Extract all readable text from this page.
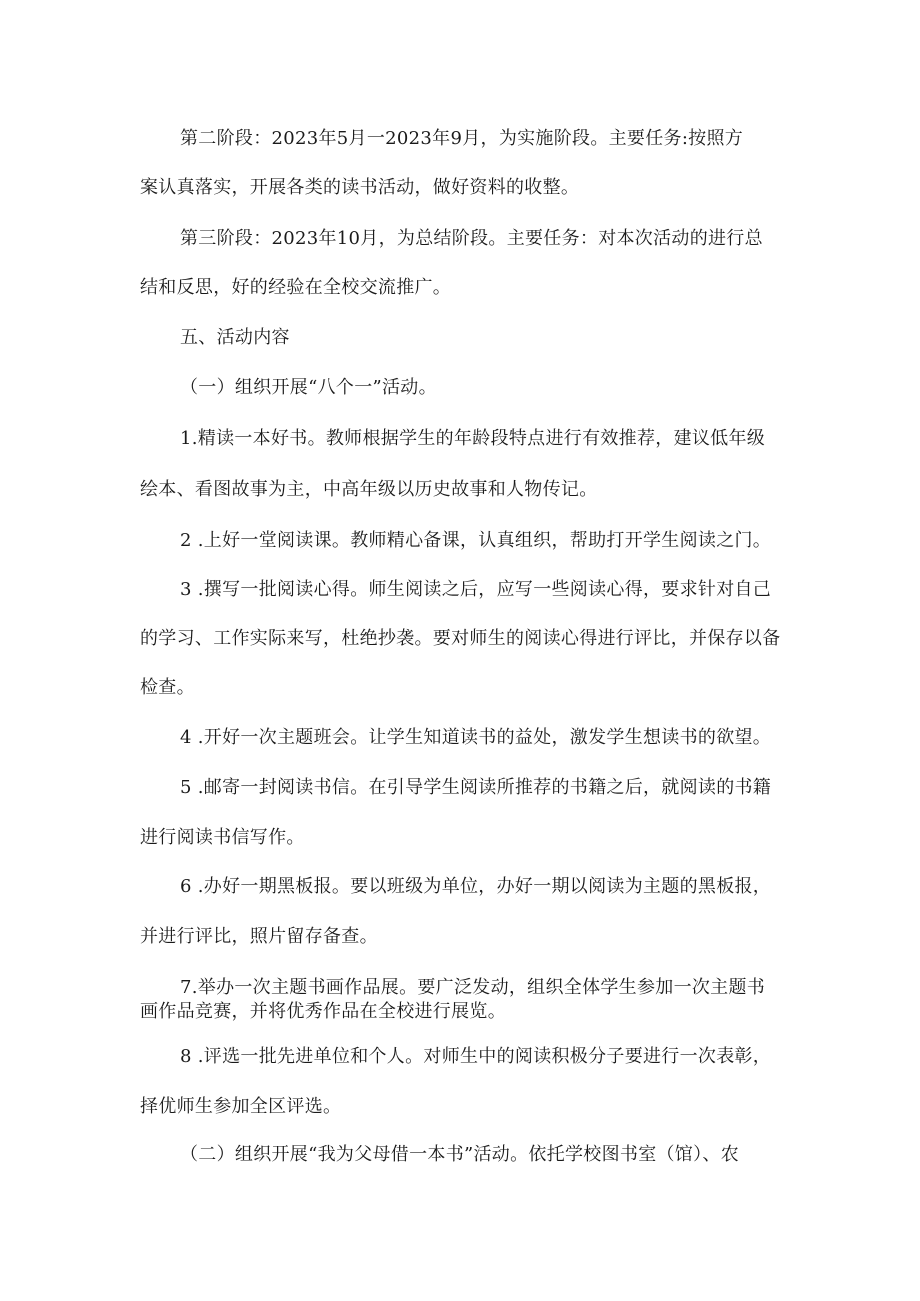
第二阶段：2023年5月一2023年9月，为实施阶段。主要任务:按照方
案认真落实，开展各类的读书活动，做好资料的收整。
第三阶段：2023年10月，为总结阶段。主要任务：对本次活动的进行总
结和反思，好的经验在全校交流推广。
五、活动内容
（一）组织开展“八个一”活动。
1.精读一本好书。教师根据学生的年龄段特点进行有效推荐，建议低年级
绘本、看图故事为主，中高年级以历史故事和人物传记。
2 .上好一堂阅读课。教师精心备课，认真组织，帮助打开学生阅读之门。
3 .撰写一批阅读心得。师生阅读之后，应写一些阅读心得，要求针对自己
的学习、工作实际来写，杜绝抄袭。要对师生的阅读心得进行评比，并保存以备
检查。
4 .开好一次主题班会。让学生知道读书的益处，激发学生想读书的欲望。
5 .邮寄一封阅读书信。在引导学生阅读所推荐的书籍之后，就阅读的书籍
进行阅读书信写作。
6 .办好一期黑板报。要以班级为单位，办好一期以阅读为主题的黑板报，
并进行评比，照片留存备查。
7.举办一次主题书画作品展。要广泛发动，组织全体学生参加一次主题书
画作品竞赛，并将优秀作品在全校进行展览。
8 .评选一批先进单位和个人。对师生中的阅读积极分子要进行一次表彰，
择优师生参加全区评选。
（二）组织开展“我为父母借一本书”活动。依托学校图书室（馆）、农
